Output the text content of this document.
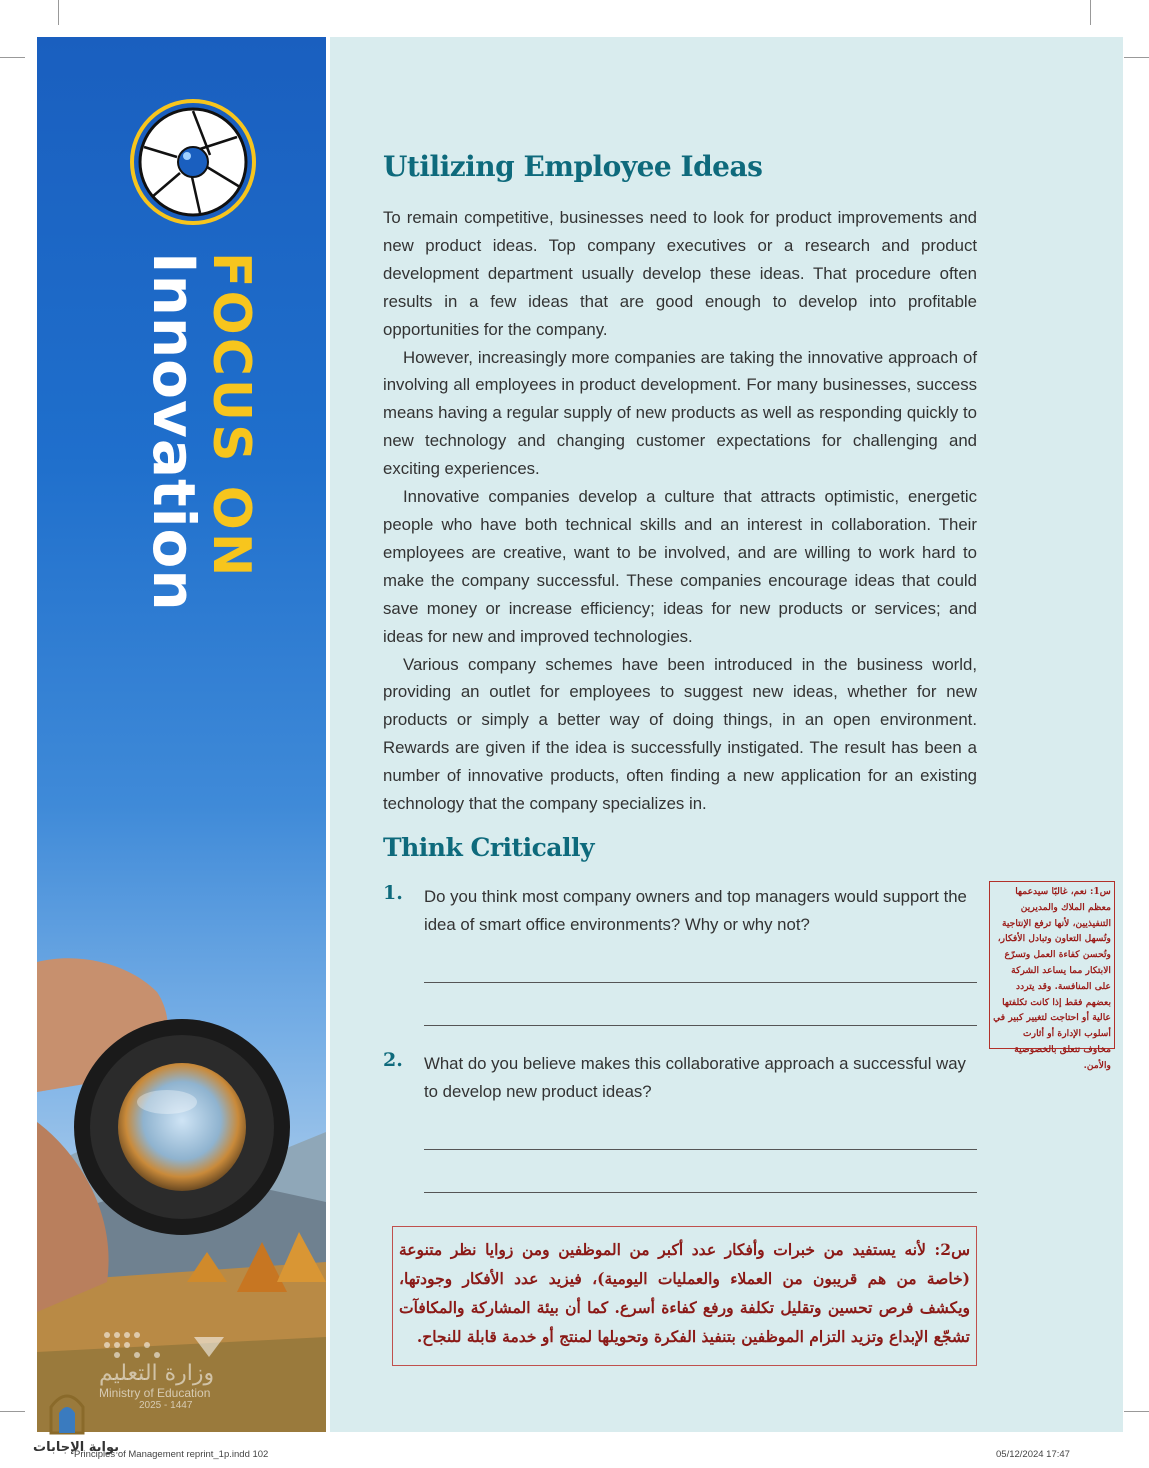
FOCUS ON
Innovation
وزارة التعليم
Ministry of Education
2025 - 1447
Utilizing Employee Ideas

To remain competitive, businesses need to look for product improvements and new product ideas. Top company executives or a research and product development department usually develop these ideas. That procedure often results in a few ideas that are good enough to develop into profitable opportunities for the company.

However, increasingly more companies are taking the innovative approach of involving all employees in product development. For many businesses, success means having a regular supply of new products as well as responding quickly to new technology and changing customer expectations for challenging and exciting experiences.

Innovative companies develop a culture that attracts optimistic, energetic people who have both technical skills and an interest in collaboration. Their employees are creative, want to be involved, and are willing to work hard to make the company successful. These companies encourage ideas that could save money or increase efficiency; ideas for new products or services; and ideas for new and improved technologies.

Various company schemes have been introduced in the business world, providing an outlet for employees to suggest new ideas, whether for new products or simply a better way of doing things, in an open environment. Rewards are given if the idea is successfully instigated. The result has been a number of innovative products, often finding a new application for an existing technology that the company specializes in.

Think Critically
1. Do you think most company owners and top managers would support the idea of smart office environments? Why or why not?
2. What do you believe makes this collaborative approach a successful way to develop new product ideas?
س1: نعم، غالبًا سيدعمها معظم الملاك والمديرين التنفيذيين، لأنها ترفع الإنتاجية وتُسهل التعاون وتبادل الأفكار، وتُحسن كفاءة العمل وتسرّع الابتكار مما يساعد الشركة على المنافسة. وقد يتردد بعضهم فقط إذا كانت تكلفتها عالية أو احتاجت لتغيير كبير في أسلوب الإدارة أو أثارت مخاوف تتعلق بالخصوصية والأمن.
س2: لأنه يستفيد من خبرات وأفكار عدد أكبر من الموظفين ومن زوايا نظر متنوعة (خاصة من هم قريبون من العملاء والعمليات اليومية)، فيزيد عدد الأفكار وجودتها، ويكشف فرص تحسين وتقليل تكلفة ورفع كفاءة أسرع. كما أن بيئة المشاركة والمكافآت تشجّع الإبداع وتزيد التزام الموظفين بتنفيذ الفكرة وتحويلها لمنتج أو خدمة قابلة للنجاح.
بوابة الإجابات
Principles of Management reprint_1p.indd 102	05/12/2024 17:47
